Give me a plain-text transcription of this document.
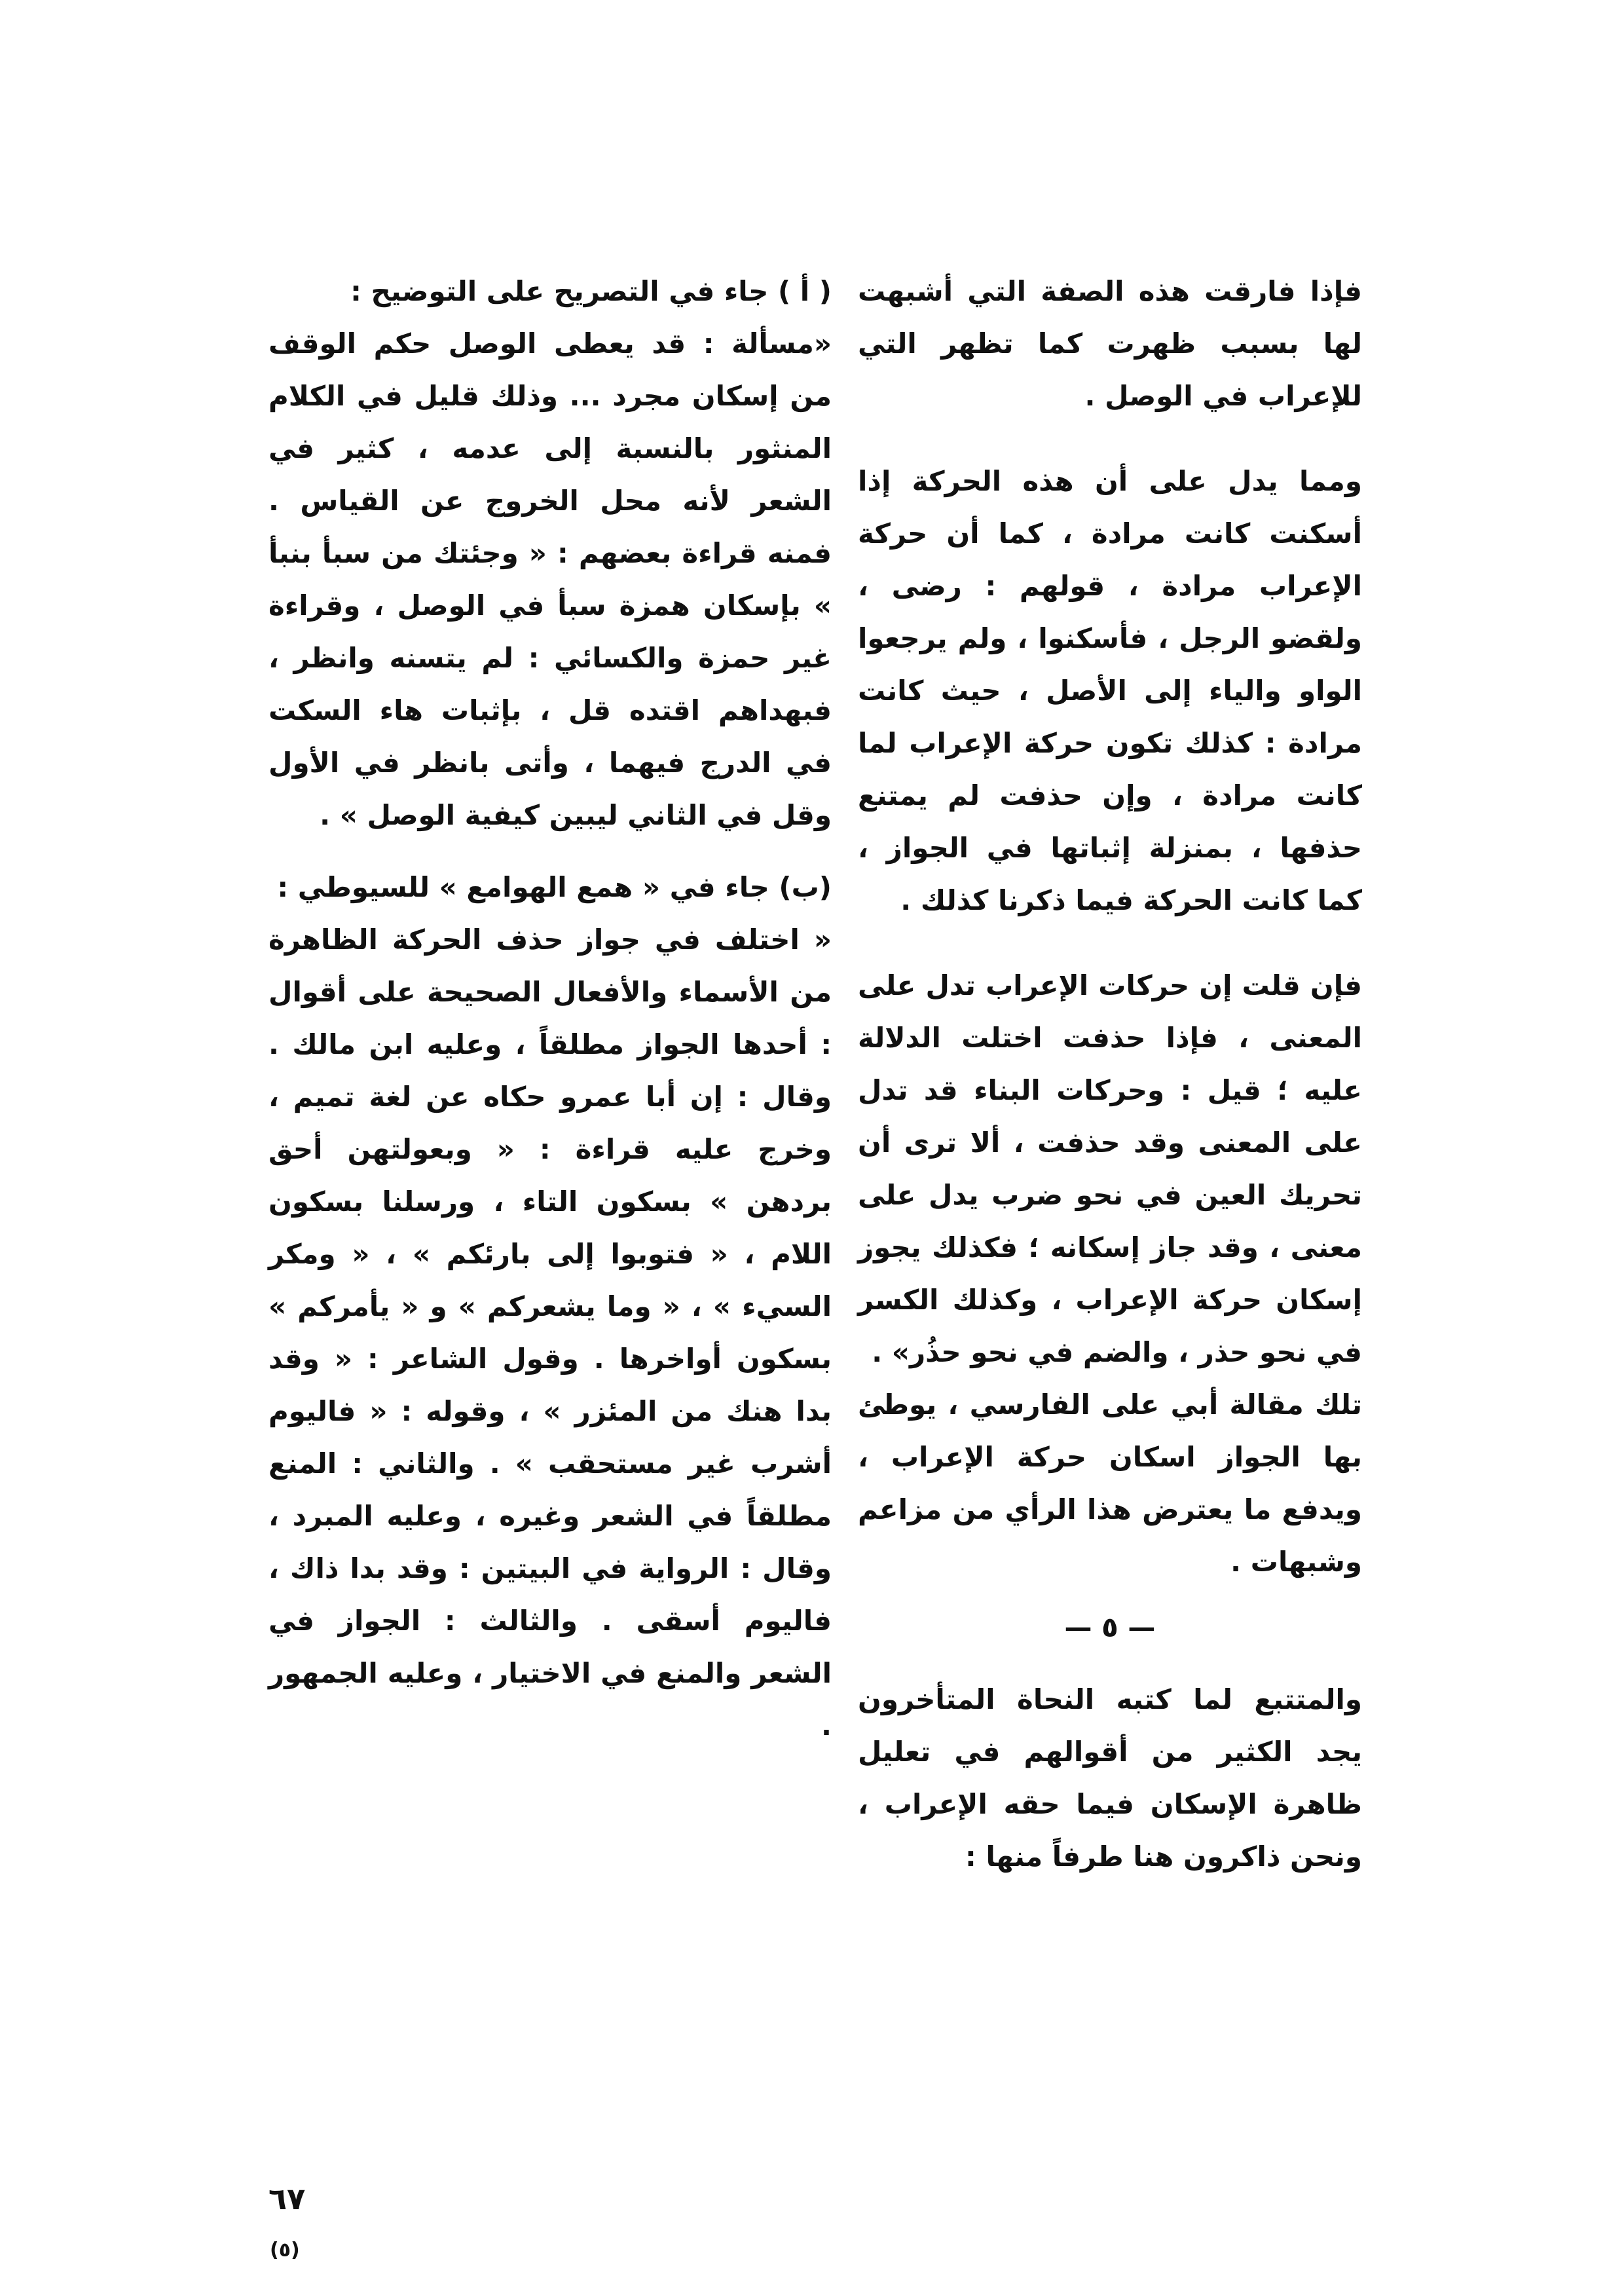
فإذا فارقت هذه الصفة التي أشبهت لها بسبب ظهرت كما تظهر التي للإعراب في الوصل .

ومما يدل على أن هذه الحركة إذا أسكنت كانت مرادة ، كما أن حركة الإعراب مرادة ، قولهم : رضى ، ولقضو الرجل ، فأسكنوا ، ولم يرجعوا الواو والياء إلى الأصل ، حيث كانت مرادة : كذلك تكون حركة الإعراب لما كانت مرادة ، وإن حذفت لم يمتنع حذفها ، بمنزلة إثباتها في الجواز ، كما كانت الحركة فيما ذكرنا كذلك .

فإن قلت إن حركات الإعراب تدل على المعنى ، فإذا حذفت اختلت الدلالة عليه ؛ قيل : وحركات البناء قد تدل على المعنى وقد حذفت ، ألا ترى أن تحريك العين في نحو ضرب يدل على معنى ، وقد جاز إسكانه ؛ فكذلك يجوز إسكان حركة الإعراب ، وكذلك الكسر في نحو حذر ، والضم في نحو حذُر» .

تلك مقالة أبي على الفارسي ، يوطئ بها الجواز اسكان حركة الإعراب ، ويدفع ما يعترض هذا الرأي من مزاعم وشبهات .

— ٥ —

والمتتبع لما كتبه النحاة المتأخرون يجد الكثير من أقوالهم في تعليل ظاهرة الإسكان فيما حقه الإعراب ، ونحن ذاكرون هنا طرفاً منها :

( أ ) جاء في التصريح على التوضيح :

«مسألة : قد يعطى الوصل حكم الوقف من إسكان مجرد ... وذلك قليل في الكلام المنثور بالنسبة إلى عدمه ، كثير في الشعر لأنه محل الخروج عن القياس . فمنه قراءة بعضهم : « وجئتك من سبأ بنبأ » بإسكان همزة سبأ في الوصل ، وقراءة غير حمزة والكسائي : لم يتسنه وانظر ، فبهداهم اقتده قل ، بإثبات هاء السكت في الدرج فيهما ، وأتى بانظر في الأول وقل في الثاني ليبين كيفية الوصل » .

(ب) جاء في « همع الهوامع » للسيوطي :

« اختلف في جواز حذف الحركة الظاهرة من الأسماء والأفعال الصحيحة على أقوال : أحدها الجواز مطلقاً ، وعليه ابن مالك . وقال : إن أبا عمرو حكاه عن لغة تميم ، وخرج عليه قراءة : « وبعولتهن أحق بردهن » بسكون التاء ، ورسلنا بسكون اللام ، « فتوبوا إلى بارئكم » ، « ومكر السيء » ، « وما يشعركم » و « يأمركم » بسكون أواخرها . وقول الشاعر : « وقد بدا هنك من المئزر » ، وقوله : « فاليوم أشرب غير مستحقب » . والثاني : المنع مطلقاً في الشعر وغيره ، وعليه المبرد ، وقال : الرواية في البيتين : وقد بدا ذاك ، فاليوم أسقى . والثالث : الجواز في الشعر والمنع في الاختيار ، وعليه الجمهور .

٦٧
(٥)
